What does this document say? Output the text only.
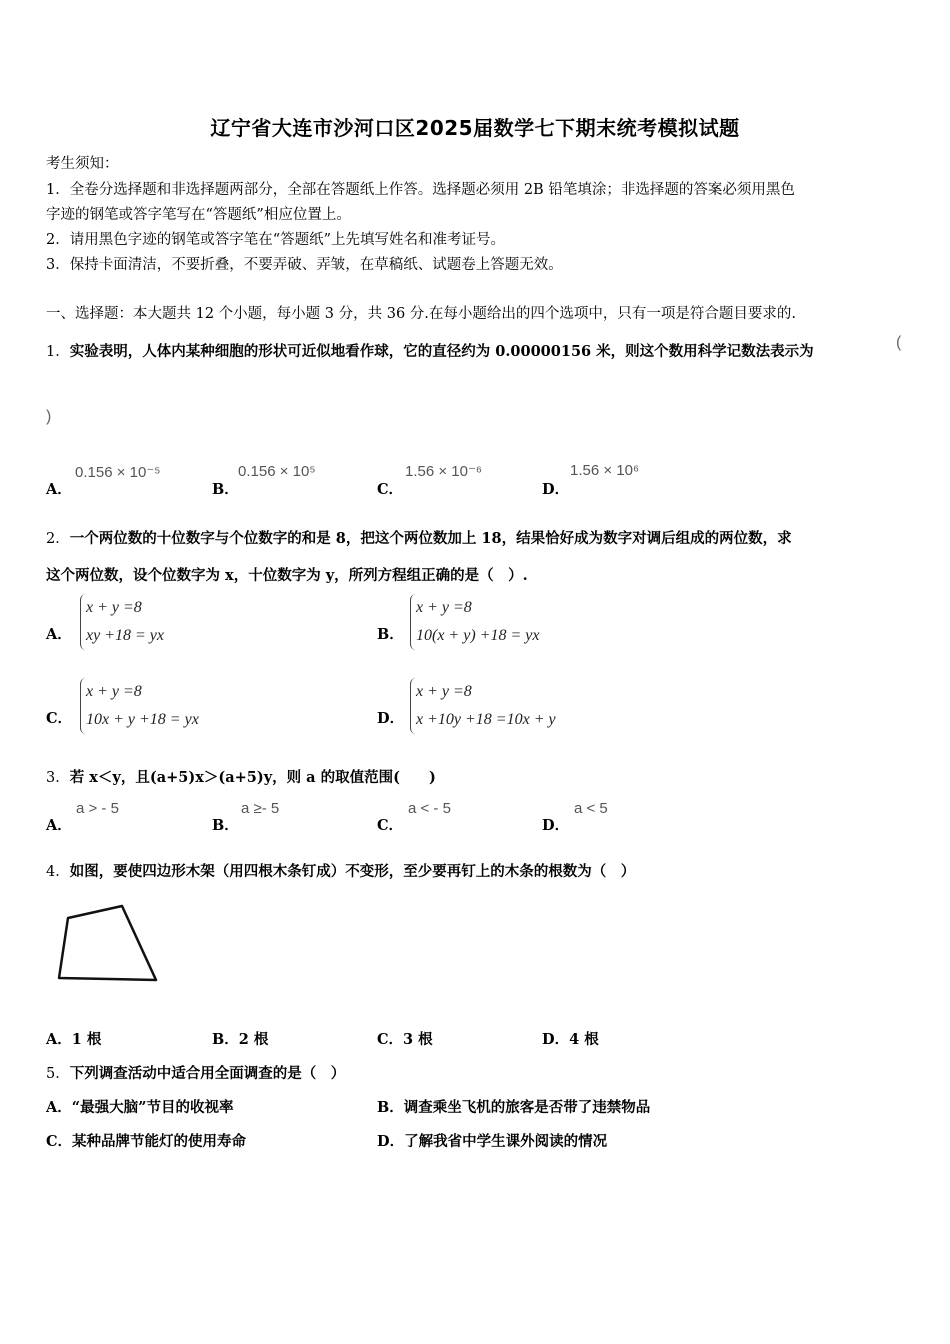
辽宁省大连市沙河口区2025届数学七下期末统考模拟试题
考生须知：
1．全卷分选择题和非选择题两部分，全部在答题纸上作答。选择题必须用 2B 铅笔填涂；非选择题的答案必须用黑色
字迹的钢笔或答字笔写在“答题纸”相应位置上。
2．请用黑色字迹的钢笔或答字笔在“答题纸”上先填写姓名和准考证号。
3．保持卡面清洁，不要折叠，不要弄破、弄皱，在草稿纸、试题卷上答题无效。
一、选择题：本大题共 12 个小题，每小题 3 分，共 36 分.在每小题给出的四个选项中，只有一项是符合题目要求的.
1．实验表明，人体内某种细胞的形状可近似地看作球，它的直径约为 0.00000156 米，则这个数用科学记数法表示为
(
)
A．
0.156 × 10⁻⁵
B．
0.156 × 10⁵
C．
1.56 × 10⁻⁶
D．
1.56 × 10⁶
2．一个两位数的十位数字与个位数字的和是 8，把这个两位数加上 18，结果恰好成为数字对调后组成的两位数，求
这个两位数，设个位数字为 x，十位数字为 y，所列方程组正确的是（　）.
A．
x + y =8
xy +18 = yx	B．
x + y =8
10(x + y) +18 = yx
C．
x + y =8
10x + y +18 = yx	D．
x + y =8
x +10y +18 =10x + y
3．若 x＜y，且(a+5)x＞(a+5)y，则 a 的取值范围(　　)
A．
a > - 5
B．
a ≥- 5
C．
a < - 5
D．
a < 5
4．如图，要使四边形木架（用四根木条钉成）不变形，至少要再钉上的木条的根数为（　）
A．1 根	B．2 根	C．3 根	D．4 根
5．下列调查活动中适合用全面调查的是（　）
A．“最强大脑”节目的收视率	B．调查乘坐飞机的旅客是否带了违禁物品
C．某种品牌节能灯的使用寿命	D．了解我省中学生课外阅读的情况
